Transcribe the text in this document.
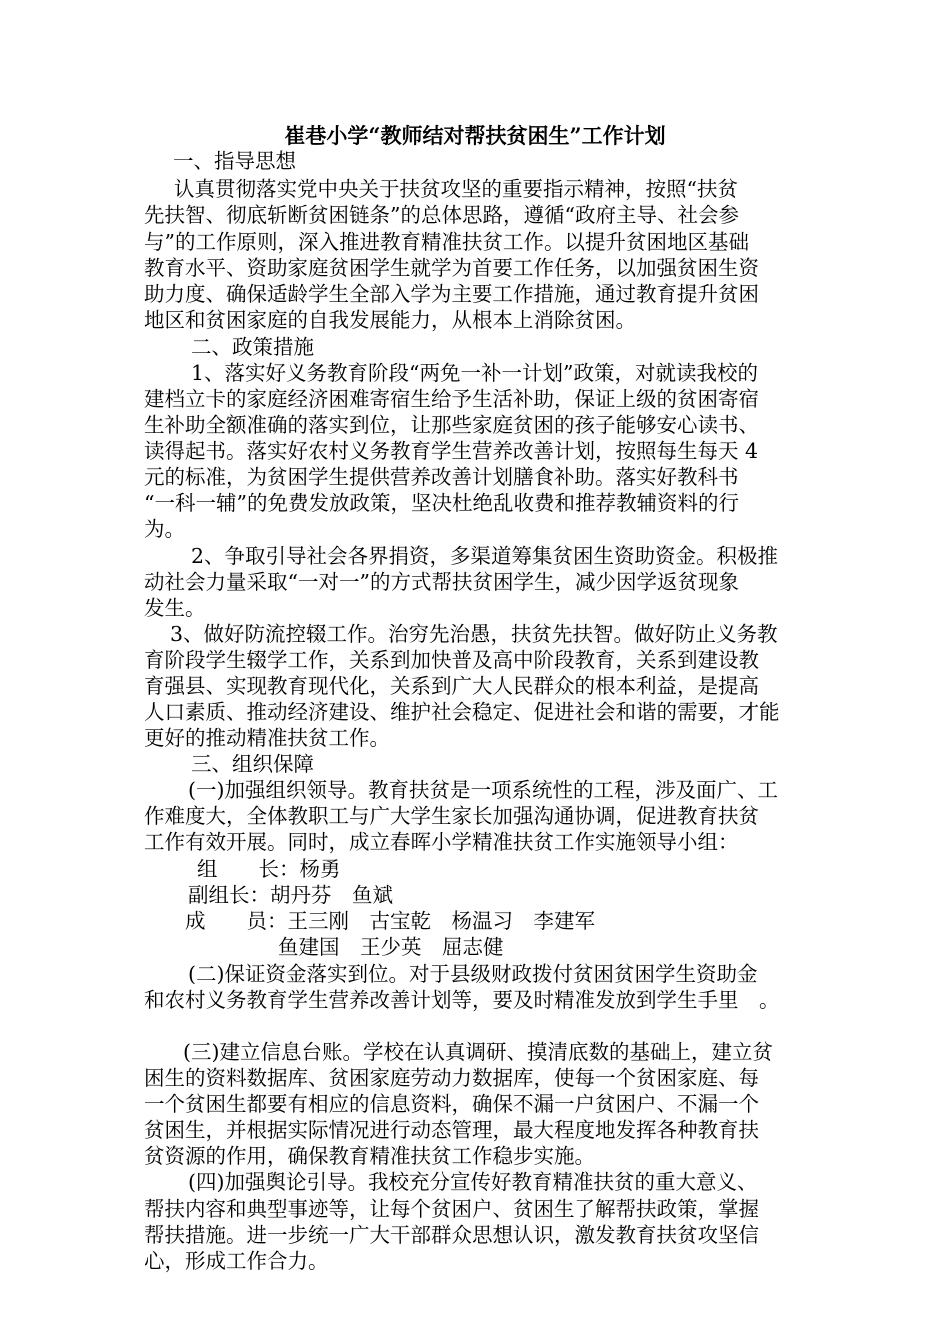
崔巷小学“教师结对帮扶贫困生”工作计划
一、指导思想
认真贯彻落实党中央关于扶贫攻坚的重要指示精神，按照“扶贫
先扶智、彻底斩断贫困链条”的总体思路，遵循“政府主导、社会参
与”的工作原则，深入推进教育精准扶贫工作。以提升贫困地区基础
教育水平、资助家庭贫困学生就学为首要工作任务，以加强贫困生资
助力度、确保适龄学生全部入学为主要工作措施，通过教育提升贫困
地区和贫困家庭的自我发展能力，从根本上消除贫困。
二、政策措施
1、落实好义务教育阶段“两免一补一计划”政策，对就读我校的
建档立卡的家庭经济困难寄宿生给予生活补助，保证上级的贫困寄宿
生补助全额准确的落实到位，让那些家庭贫困的孩子能够安心读书、
读得起书。落实好农村义务教育学生营养改善计划，按照每生每天 4
元的标准，为贫困学生提供营养改善计划膳食补助。落实好教科书
“一科一辅”的免费发放政策，坚决杜绝乱收费和推荐教辅资料的行
为。
2、争取引导社会各界捐资，多渠道筹集贫困生资助资金。积极推
动社会力量采取“一对一”的方式帮扶贫困学生，减少因学返贫现象
发生。
3、做好防流控辍工作。治穷先治愚，扶贫先扶智。做好防止义务教
育阶段学生辍学工作，关系到加快普及高中阶段教育，关系到建设教
育强县、实现教育现代化，关系到广大人民群众的根本利益，是提高
人口素质、推动经济建设、维护社会稳定、促进社会和谐的需要，才能
更好的推动精准扶贫工作。
三、组织保障
(一)加强组织领导。教育扶贫是一项系统性的工程，涉及面广、工
作难度大，全体教职工与广大学生家长加强沟通协调，促进教育扶贫
工作有效开展。同时，成立春晖小学精准扶贫工作实施领导小组：
组　　长：杨勇
副组长：胡丹芬　鱼斌
成　　员：王三刚　古宝乾　杨温习　李建军
鱼建国　王少英　屈志健
(二)保证资金落实到位。对于县级财政拨付贫困贫困学生资助金
和农村义务教育学生营养改善计划等，要及时精准发放到学生手里　。
(三)建立信息台账。学校在认真调研、摸清底数的基础上，建立贫
困生的资料数据库、贫困家庭劳动力数据库，使每一个贫困家庭、每
一个贫困生都要有相应的信息资料，确保不漏一户贫困户、不漏一个
贫困生，并根据实际情况进行动态管理，最大程度地发挥各种教育扶
贫资源的作用，确保教育精准扶贫工作稳步实施。
(四)加强舆论引导。我校充分宣传好教育精准扶贫的重大意义、
帮扶内容和典型事迹等，让每个贫困户、贫困生了解帮扶政策，掌握
帮扶措施。进一步统一广大干部群众思想认识，激发教育扶贫攻坚信
心，形成工作合力。
